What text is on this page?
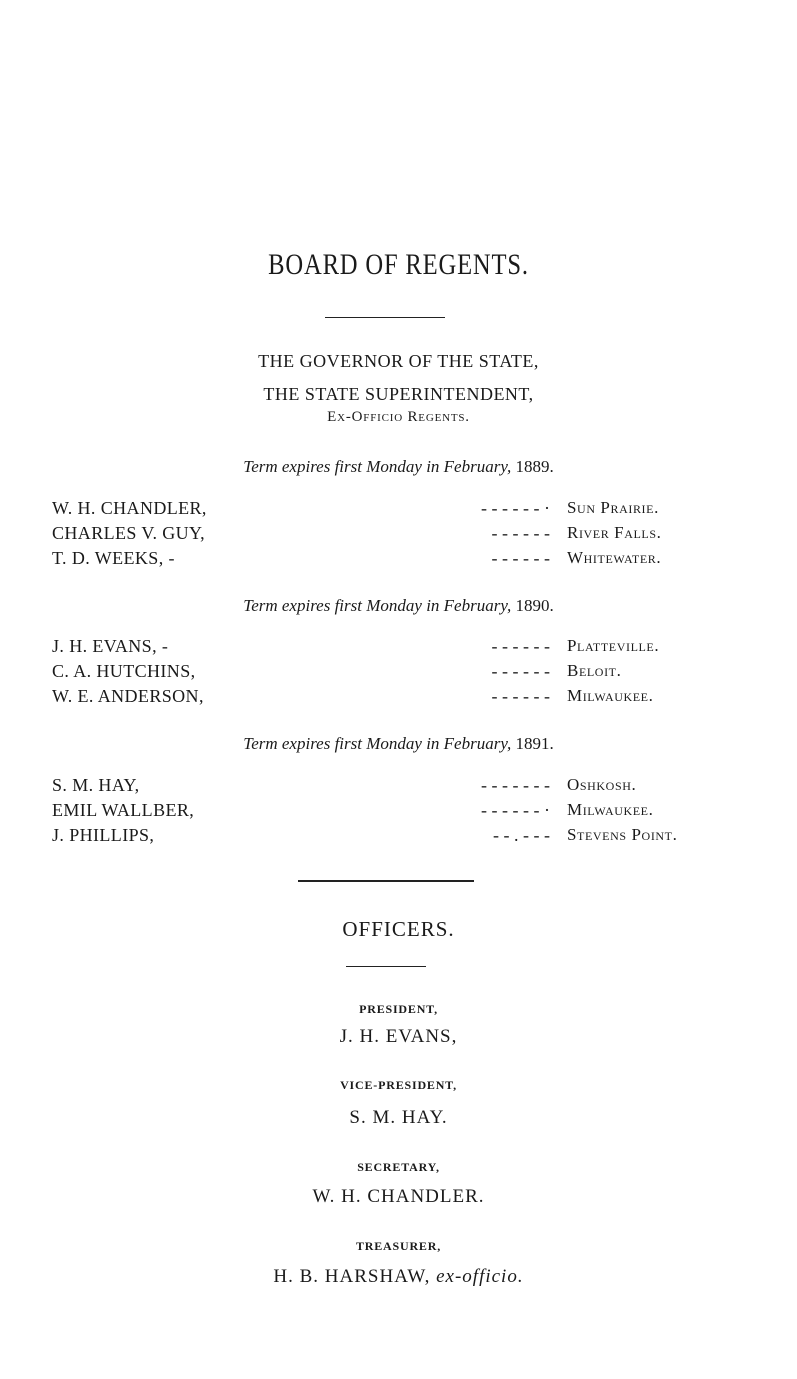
BOARD OF REGENTS.
THE GOVERNOR OF THE STATE,
THE STATE SUPERINTENDENT,
Ex-Officio Regents.
Term expires first Monday in February, 1889.
W. H. CHANDLER,	- - - - - - · Sun Prairie.
CHARLES V. GUY,	- - - - - - River Falls.
T. D. WEEKS, -	- - - - - - Whitewater.
Term expires first Monday in February, 1890.
J. H. EVANS, -	- - - - - - Platteville.
C. A. HUTCHINS,	- - - - - - Beloit.
W. E. ANDERSON,	- - - - - - Milwaukee.
Term expires first Monday in February, 1891.
S. M. HAY,	- - - - - - - Oshkosh.
EMIL WALLBER,	- - - - - - · Milwaukee.
J. PHILLIPS,	- - . - - - Stevens Point.
OFFICERS.
PRESIDENT,
J. H. EVANS,
VICE-PRESIDENT,
S. M. HAY.
SECRETARY,
W. H. CHANDLER.
TREASURER,
H. B. HARSHAW, ex-officio.
